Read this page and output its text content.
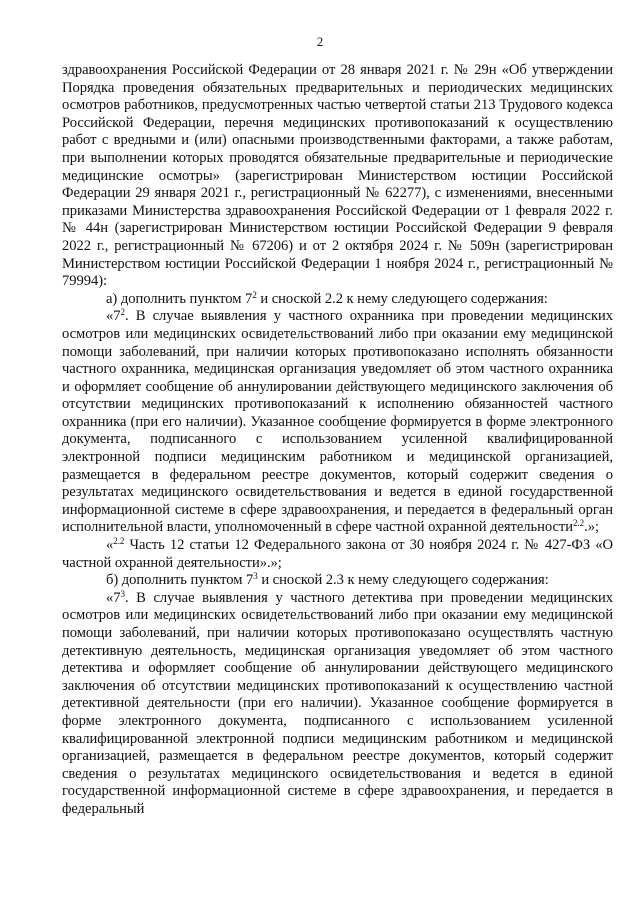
2

здравоохранения Российской Федерации от 28 января 2021 г. № 29н «Об утверждении Порядка проведения обязательных предварительных и периодических медицинских осмотров работников, предусмотренных частью четвертой статьи 213 Трудового кодекса Российской Федерации, перечня медицинских противопоказаний к осуществлению работ с вредными и (или) опасными производственными факторами, а также работам, при выполнении которых проводятся обязательные предварительные и периодические медицинские осмотры» (зарегистрирован Министерством юстиции Российской Федерации 29 января 2021 г., регистрационный № 62277), с изменениями, внесенными приказами Министерства здравоохранения Российской Федерации от 1 февраля 2022 г. № 44н (зарегистрирован Министерством юстиции Российской Федерации 9 февраля 2022 г., регистрационный № 67206) и от 2 октября 2024 г. № 509н (зарегистрирован Министерством юстиции Российской Федерации 1 ноября 2024 г., регистрационный № 79994):

а) дополнить пунктом $7^2$ и сноской 2.2 к нему следующего содержания:

«$7^2$. В случае выявления у частного охранника при проведении медицинских осмотров или медицинских освидетельствований либо при оказании ему медицинской помощи заболеваний, при наличии которых противопоказано исполнять обязанности частного охранника, медицинская организация уведомляет об этом частного охранника и оформляет сообщение об аннулировании действующего медицинского заключения об отсутствии медицинских противопоказаний к исполнению обязанностей частного охранника (при его наличии). Указанное сообщение формируется в форме электронного документа, подписанного с использованием усиленной квалифицированной электронной подписи медицинским работником и медицинской организацией, размещается в федеральном реестре документов, который содержит сведения о результатах медицинского освидетельствования и ведется в единой государственной информационной системе в сфере здравоохранения, и передается в федеральный орган исполнительной власти, уполномоченный в сфере частной охранной деятельности$^{2.2}$.»;

«$^{2.2}$ Часть 12 статьи 12 Федерального закона от 30 ноября 2024 г. № 427-ФЗ «О частной охранной деятельности».»;

б) дополнить пунктом $7^3$ и сноской 2.3 к нему следующего содержания:

«$7^3$. В случае выявления у частного детектива при проведении медицинских осмотров или медицинских освидетельствований либо при оказании ему медицинской помощи заболеваний, при наличии которых противопоказано осуществлять частную детективную деятельность, медицинская организация уведомляет об этом частного детектива и оформляет сообщение об аннулировании действующего медицинского заключения об отсутствии медицинских противопоказаний к осуществлению частной детективной деятельности (при его наличии). Указанное сообщение формируется в форме электронного документа, подписанного с использованием усиленной квалифицированной электронной подписи медицинским работником и медицинской организацией, размещается в федеральном реестре документов, который содержит сведения о результатах медицинского освидетельствования и ведется в единой государственной информационной системе в сфере здравоохранения, и передается в федеральный
